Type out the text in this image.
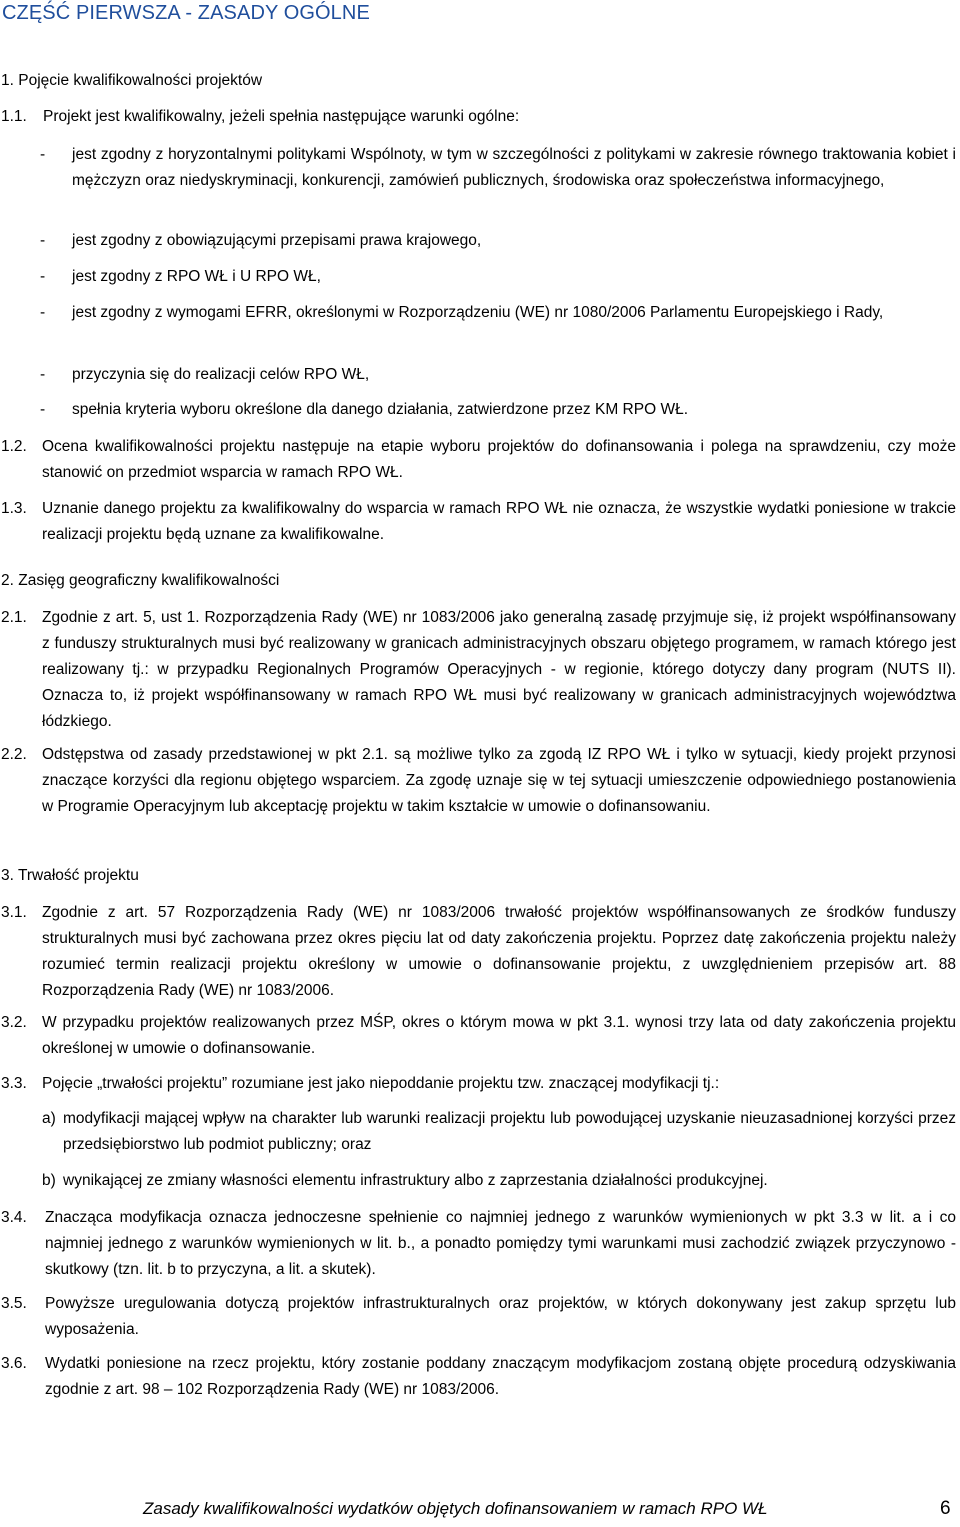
CZĘŚĆ PIERWSZA - ZASADY OGÓLNE
1. Pojęcie kwalifikowalności projektów
1.1. Projekt jest kwalifikowalny, jeżeli spełnia następujące warunki ogólne:
- jest zgodny z horyzontalnymi politykami Wspólnoty, w tym w szczególności z politykami w zakresie równego traktowania kobiet i mężczyzn oraz niedyskryminacji, konkurencji, zamówień publicznych, środowiska oraz społeczeństwa informacyjnego,
- jest zgodny z obowiązującymi przepisami prawa krajowego,
- jest zgodny z RPO WŁ i U RPO WŁ,
- jest zgodny z wymogami EFRR, określonymi w Rozporządzeniu (WE) nr 1080/2006 Parlamentu Europejskiego i Rady,
- przyczynia się do realizacji celów RPO WŁ,
- spełnia kryteria wyboru określone dla danego działania, zatwierdzone przez KM RPO WŁ.
1.2. Ocena kwalifikowalności projektu następuje na etapie wyboru projektów do dofinansowania i polega na sprawdzeniu, czy może stanowić on przedmiot wsparcia w ramach RPO WŁ.
1.3. Uznanie danego projektu za kwalifikowalny do wsparcia w ramach RPO WŁ nie oznacza, że wszystkie wydatki poniesione w trakcie realizacji projektu będą uznane za kwalifikowalne.
2. Zasięg geograficzny kwalifikowalności
2.1. Zgodnie z art. 5, ust 1. Rozporządzenia Rady (WE) nr 1083/2006 jako generalną zasadę przyjmuje się, iż projekt współfinansowany z funduszy strukturalnych musi być realizowany w granicach administracyjnych obszaru objętego programem, w ramach którego jest realizowany tj.: w przypadku Regionalnych Programów Operacyjnych - w regionie, którego dotyczy dany program (NUTS II). Oznacza to, iż projekt współfinansowany w ramach RPO WŁ musi być realizowany w granicach administracyjnych województwa łódzkiego.
2.2. Odstępstwa od zasady przedstawionej w pkt 2.1. są możliwe tylko za zgodą IZ RPO WŁ i tylko w sytuacji, kiedy projekt przynosi znaczące korzyści dla regionu objętego wsparciem. Za zgodę uznaje się w tej sytuacji umieszczenie odpowiedniego postanowienia w Programie Operacyjnym lub akceptację projektu w takim kształcie w umowie o dofinansowaniu.
3. Trwałość projektu
3.1. Zgodnie z art. 57 Rozporządzenia Rady (WE) nr 1083/2006 trwałość projektów współfinansowanych ze środków funduszy strukturalnych musi być zachowana przez okres pięciu lat od daty zakończenia projektu. Poprzez datę zakończenia projektu należy rozumieć termin realizacji projektu określony w umowie o dofinansowanie projektu, z uwzględnieniem przepisów art. 88 Rozporządzenia Rady (WE) nr 1083/2006.
3.2. W przypadku projektów realizowanych przez MŚP, okres o którym mowa w pkt 3.1. wynosi trzy lata od daty zakończenia projektu określonej w umowie o dofinansowanie.
3.3. Pojęcie „trwałości projektu” rozumiane jest jako niepoddanie projektu tzw. znaczącej modyfikacji tj.:
a) modyfikacji mającej wpływ na charakter lub warunki realizacji projektu lub powodującej uzyskanie nieuzasadnionej korzyści przez przedsiębiorstwo lub podmiot publiczny; oraz
b) wynikającej ze zmiany własności elementu infrastruktury albo z zaprzestania działalności produkcyjnej.
3.4. Znacząca modyfikacja oznacza jednoczesne spełnienie co najmniej jednego z warunków wymienionych w pkt 3.3 w lit. a i co najmniej jednego z warunków wymienionych w lit. b., a ponadto pomiędzy tymi warunkami musi zachodzić związek przyczynowo - skutkowy (tzn. lit. b to przyczyna, a lit. a skutek).
3.5. Powyższe uregulowania dotyczą projektów infrastrukturalnych oraz projektów, w których dokonywany jest zakup sprzętu lub wyposażenia.
3.6. Wydatki poniesione na rzecz projektu, który zostanie poddany znaczącym modyfikacjom zostaną objęte procedurą odzyskiwania zgodnie z art. 98 – 102 Rozporządzenia Rady (WE) nr 1083/2006.
Zasady kwalifikowalności wydatków objętych dofinansowaniem w ramach RPO WŁ	6
